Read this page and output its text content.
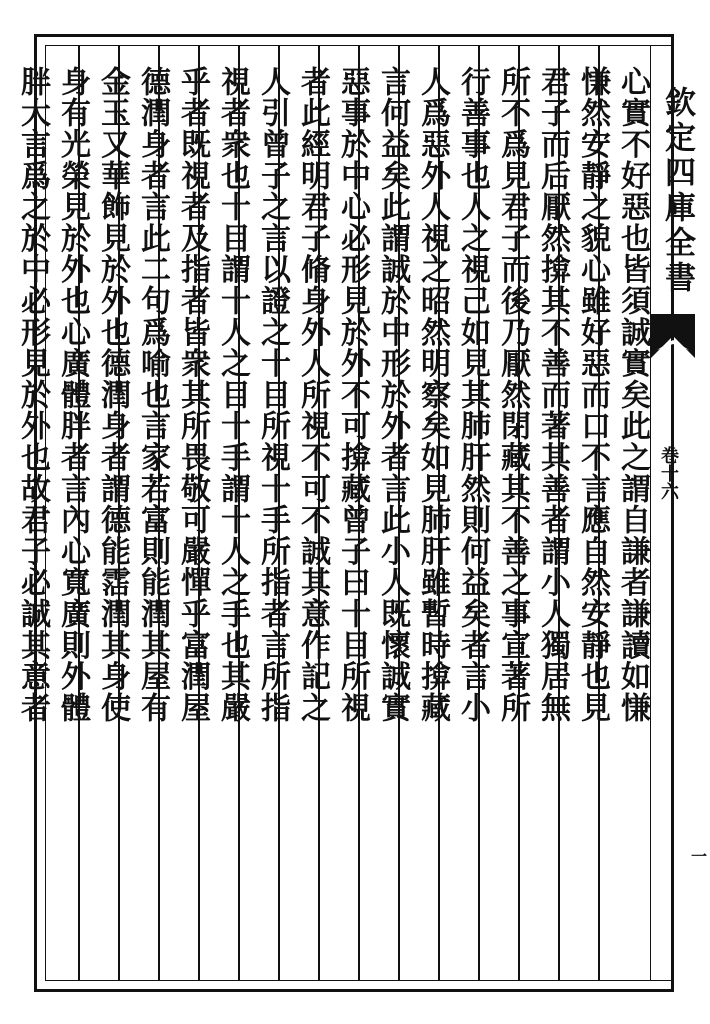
欽定四庫全書
卷十六
一
心實不好惡也皆須誠實矣此之謂自謙者謙讀如慊
慊然安靜之貌心雖好惡而口不言應自然安靜也見
君子而后厭然揜其不善而著其善者謂小人獨居無
所不爲見君子而後乃厭然閉藏其不善之事宣著所
行善事也人之視己如見其肺肝然則何益矣者言小
人爲惡外人視之昭然明察矣如見肺肝雖暫時揜藏
言何益矣此謂誠於中形於外者言此小人既懷誠實
惡事於中心必形見於外不可揜藏曾子曰十目所視
者此經明君子脩身外人所視不可不誠其意作記之
人引曾子之言以證之十目所視十手所指者言所指
視者衆也十目謂十人之目十手謂十人之手也其嚴
乎者既視者及指者皆衆其所畏敬可嚴憚乎富潤屋
德潤身者言此二句爲喻也言家若富則能潤其屋有
金玉又華飾見於外也德潤身者謂德能霑潤其身使
身有光榮見於外也心廣體胖者言內心寬廣則外體
胖大言爲之於中必形見於外也故君子必誠其意者
